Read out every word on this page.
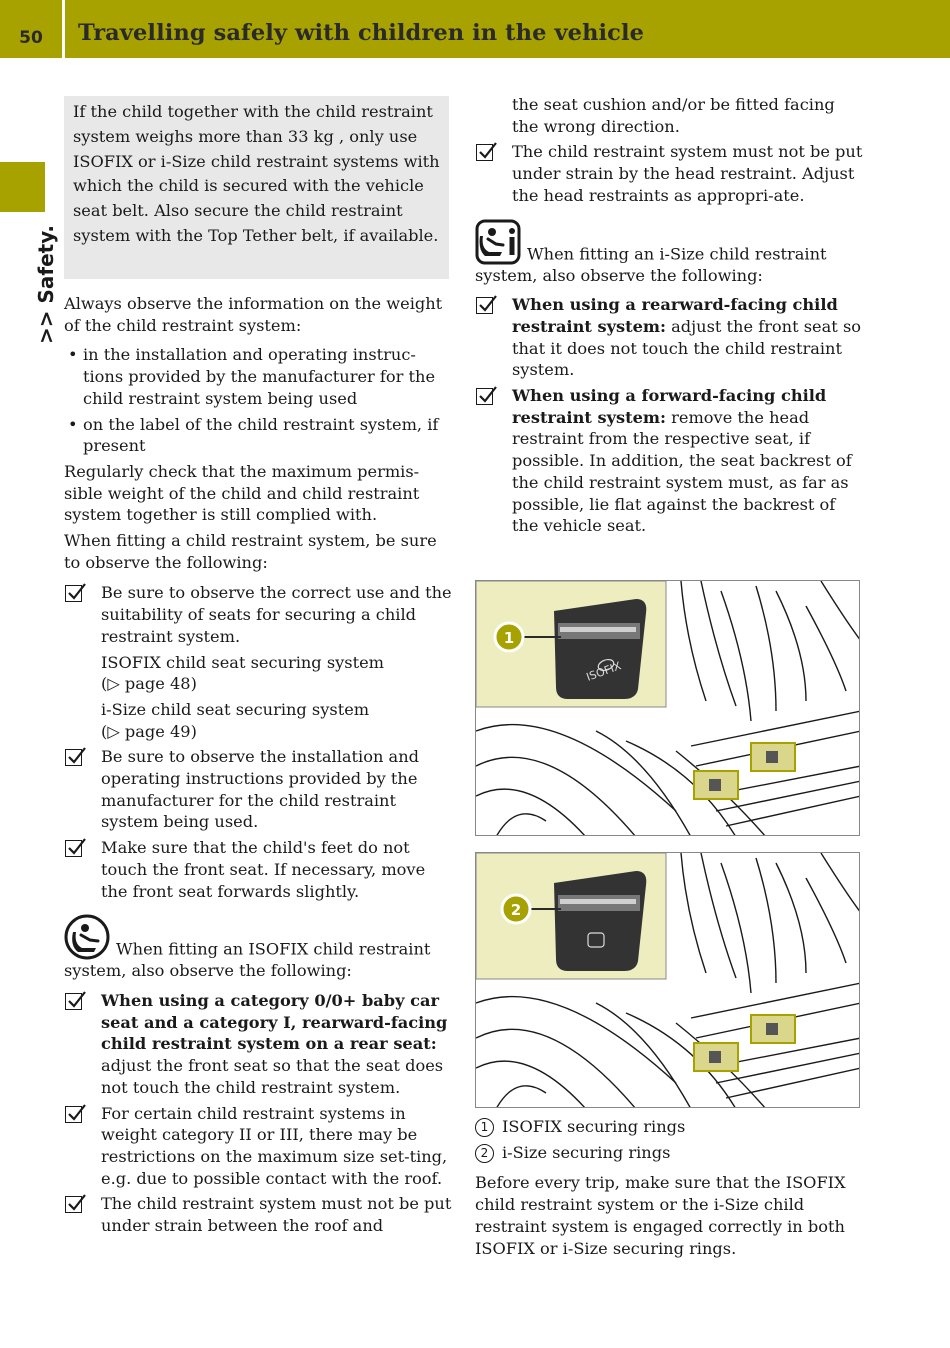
50	Travelling safely with children in the vehicle
>> Safety.

If the child together with the child restraint system weighs more than 33 kg , only use ISOFIX or i-Size child restraint systems with which the child is secured with the vehicle seat belt. Also secure the child restraint system with the Top Tether belt, if available.

Always observe the information on the weight of the child restraint system:

• in the installation and operating instruc-tions provided by the manufacturer for the child restraint system being used
• on the label of the child restraint system, if present

Regularly check that the maximum permis-sible weight of the child and child restraint system together is still complied with.

When fitting a child restraint system, be sure to observe the following:

Be sure to observe the correct use and the suitability of seats for securing a child restraint system.

ISOFIX child seat securing system

(▷ page 48)

i-Size child seat securing system

(▷ page 49)

Be sure to observe the installation and operating instructions provided by the manufacturer for the child restraint system being used.

Make sure that the child's feet do not touch the front seat. If necessary, move the front seat forwards slightly.

When fitting an ISOFIX child restraint system, also observe the following:

When using a category 0/0+ baby car seat and a category I, rearward-facing child restraint system on a rear seat: adjust the front seat so that the seat does not touch the child restraint system.

For certain child restraint systems in weight category II or III, there may be restrictions on the maximum size set-ting, e.g. due to possible contact with the roof.

The child restraint system must not be put under strain between the roof and

the seat cushion and/or be fitted facing the wrong direction.

The child restraint system must not be put under strain by the head restraint. Adjust the head restraints as appropri-ate.

When fitting an i-Size child restraint system, also observe the following:

When using a rearward-facing child restraint system: adjust the front seat so that it does not touch the child restraint system.

When using a forward-facing child restraint system: remove the head restraint from the respective seat, if possible. In addition, the seat backrest of the child restraint system must, as far as possible, lie flat against the backrest of the vehicle seat.

ISOFIX
1
2

1 ISOFIX securing rings

2 i-Size securing rings

Before every trip, make sure that the ISOFIX child restraint system or the i-Size child restraint system is engaged correctly in both ISOFIX or i-Size securing rings.
